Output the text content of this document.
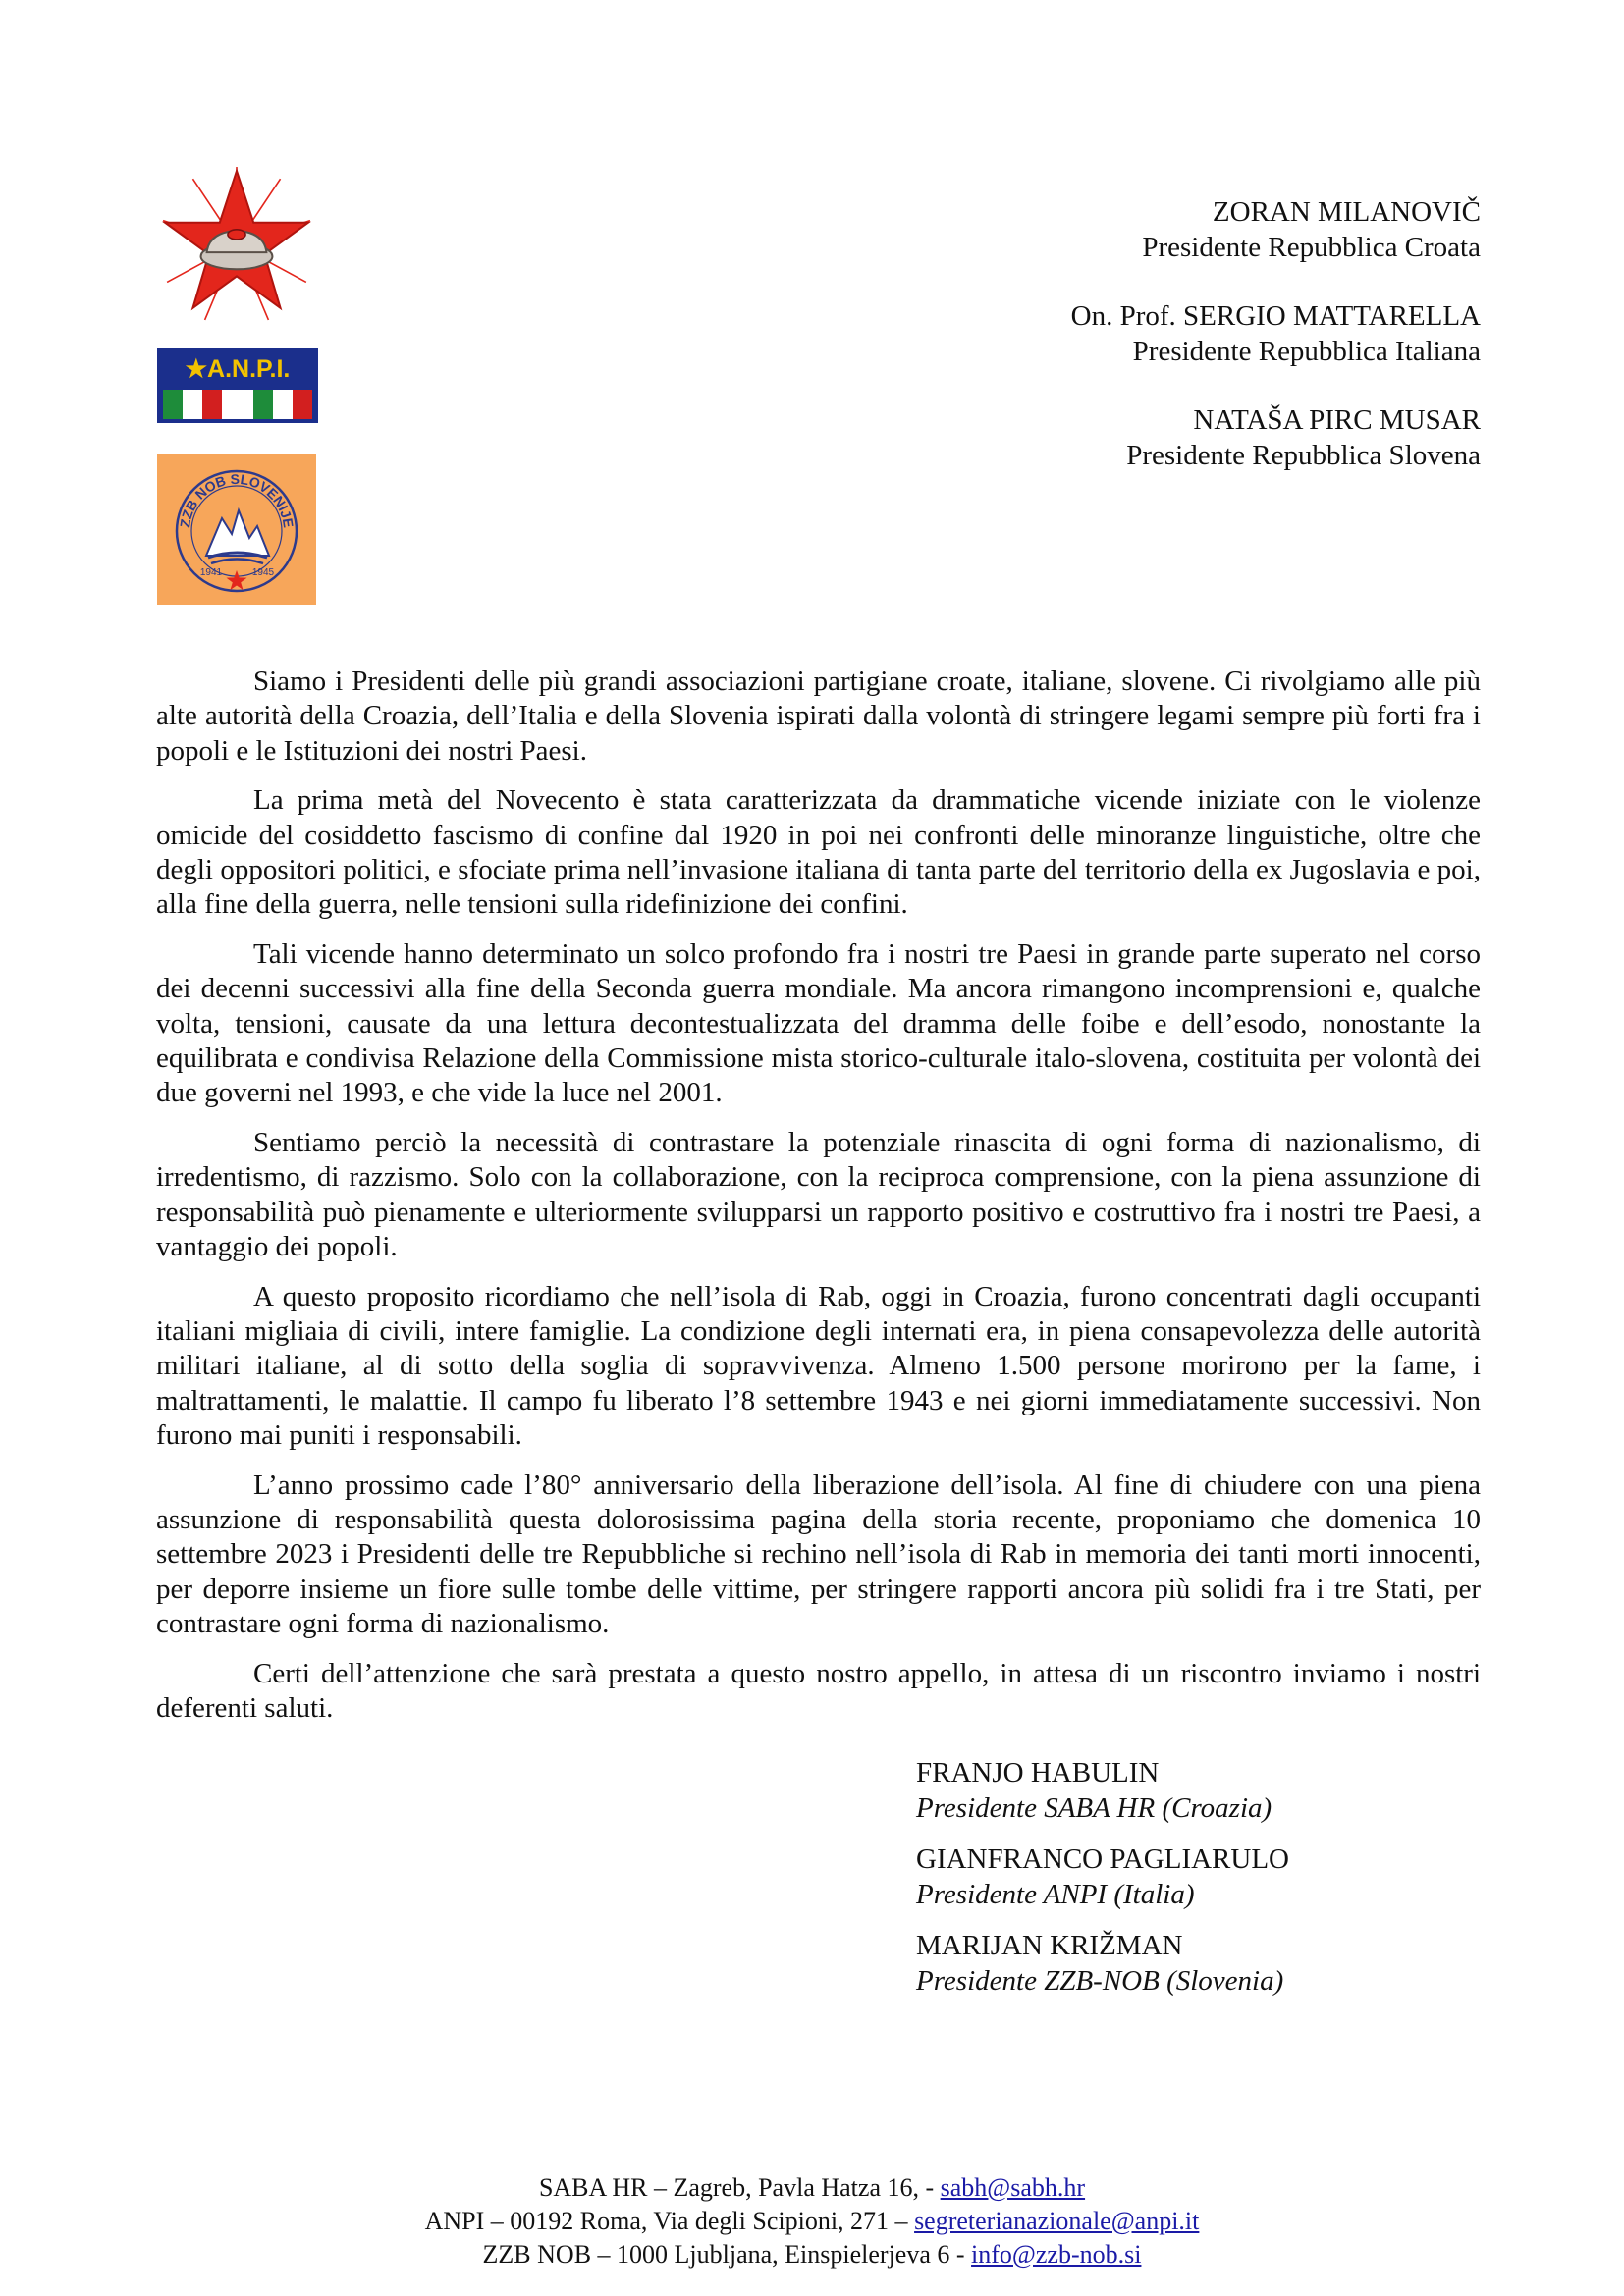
★A.N.P.I.
ZZB NOB SLOVENIJE
1941	1945
ZORAN MILANOVIČ
Presidente Repubblica Croata
On. Prof. SERGIO MATTARELLA
Presidente Repubblica Italiana
NATAŠA PIRC MUSAR
Presidente Repubblica Slovena

Siamo i Presidenti delle più grandi associazioni partigiane croate, italiane, slovene. Ci rivolgiamo alle più alte autorità della Croazia, dell’Italia e della Slovenia ispirati dalla volontà di stringere legami sempre più forti fra i popoli e le Istituzioni dei nostri Paesi.

La prima metà del Novecento è stata caratterizzata da drammatiche vicende iniziate con le violenze omicide del cosiddetto fascismo di confine dal 1920 in poi nei confronti delle minoranze linguistiche, oltre che degli oppositori politici, e sfociate prima nell’invasione italiana di tanta parte del territorio della ex Jugoslavia e poi, alla fine della guerra, nelle tensioni sulla ridefinizione dei confini.

Tali vicende hanno determinato un solco profondo fra i nostri tre Paesi in grande parte superato nel corso dei decenni successivi alla fine della Seconda guerra mondiale. Ma ancora rimangono incomprensioni e, qualche volta, tensioni, causate da una lettura decontestualizzata del dramma delle foibe e dell’esodo, nonostante la equilibrata e condivisa Relazione della Commissione mista storico-culturale italo-slovena, costituita per volontà dei due governi nel 1993, e che vide la luce nel 2001.

Sentiamo perciò la necessità di contrastare la potenziale rinascita di ogni forma di nazionalismo, di irredentismo, di razzismo. Solo con la collaborazione, con la reciproca comprensione, con la piena assunzione di responsabilità può pienamente e ulteriormente svilupparsi un rapporto positivo e costruttivo fra i nostri tre Paesi, a vantaggio dei popoli.

A questo proposito ricordiamo che nell’isola di Rab, oggi in Croazia, furono concentrati dagli occupanti italiani migliaia di civili, intere famiglie. La condizione degli internati era, in piena consapevolezza delle autorità militari italiane, al di sotto della soglia di sopravvivenza. Almeno 1.500 persone morirono per la fame, i maltrattamenti, le malattie. Il campo fu liberato l’8 settembre 1943 e nei giorni immediatamente successivi. Non furono mai puniti i responsabili.

L’anno prossimo cade l’80° anniversario della liberazione dell’isola. Al fine di chiudere con una piena assunzione di responsabilità questa dolorosissima pagina della storia recente, proponiamo che domenica 10 settembre 2023 i Presidenti delle tre Repubbliche si rechino nell’isola di Rab in memoria dei tanti morti innocenti, per deporre insieme un fiore sulle tombe delle vittime, per stringere rapporti ancora più solidi fra i tre Stati, per contrastare ogni forma di nazionalismo.

Certi dell’attenzione che sarà prestata a questo nostro appello, in attesa di un riscontro inviamo i nostri deferenti saluti.

FRANJO HABULIN
Presidente SABA HR (Croazia)
GIANFRANCO PAGLIARULO
Presidente ANPI (Italia)
MARIJAN KRIŽMAN
Presidente ZZB-NOB (Slovenia)
SABA HR – Zagreb, Pavla Hatza 16, - sabh@sabh.hr
ANPI – 00192 Roma, Via degli Scipioni, 271 – segreterianazionale@anpi.it
ZZB NOB – 1000 Ljubljana, Einspielerjeva 6 - info@zzb-nob.si
